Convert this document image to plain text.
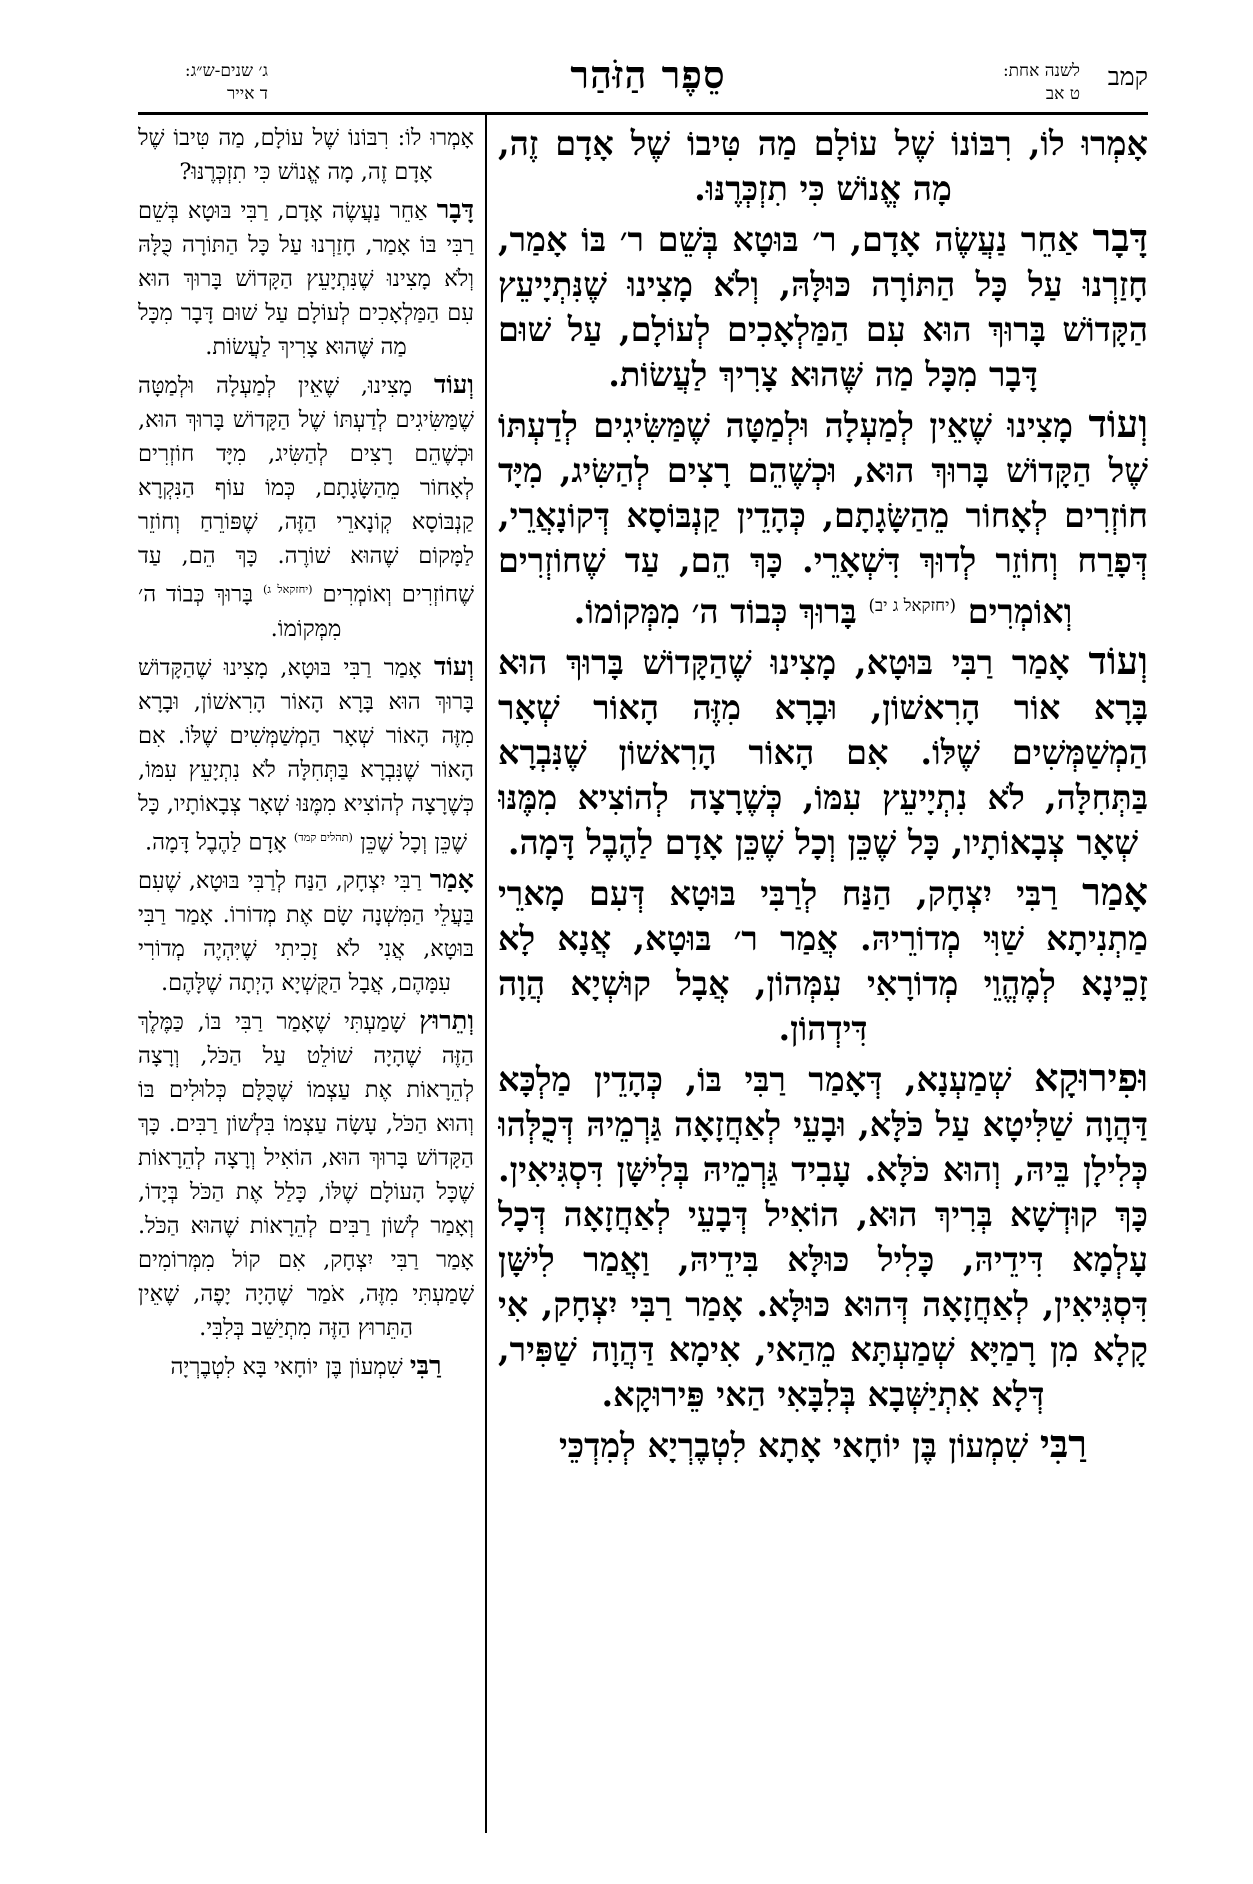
קמב
לשנה אחת:
ט אב
סֵפֶר הַזֹּהַר
ג׳ שנים-ש״ג:
ד אייר

אָמְרוּ לוֹ, רִבּוֹנוֹ שֶׁל עוֹלָם מַה טִּיבוֹ שֶׁל אָדָם זֶה, מָה אֱנוֹשׁ כִּי תִזְכְּרֶנּוּ.

דָּבָר אַחֵר נַעֲשֶׂה אָדָם, ר׳ בּוּטָא בְּשֵׁם ר׳ בּוֹ אָמַר, חָזַרְנוּ עַל כָּל הַתּוֹרָה כּוּלָּהּ, וְלֹא מָצִינוּ שֶׁנִּתְיָיעֵץ הַקָּדוֹשׁ בָּרוּךְ הוּא עִם הַמַּלְאָכִים לְעוֹלָם, עַל שׁוּם דָּבָר מִכָּל מַה שֶּׁהוּא צָרִיךְ לַעֲשׂוֹת.

וְעוֹד מָצִינוּ שֶׁאֵין לְמַעְלָה וּלְמַטָּה שֶׁמַּשִּׂיגִים לְדַעְתּוֹ שֶׁל הַקָּדוֹשׁ בָּרוּךְ הוּא, וּכְשֶׁהֵם רָצִים לְהַשִּׂיג, מִיָּד חוֹזְרִים לְאָחוֹר מֵהַשָּׂגָתָם, כְּהָדֵין קַנְבּוֹסָא דְּקוֹנָאֲרֵי, דְּפָרַח וְחוֹזֵר לְדוּךְ דִּשְׁאָרֵי. כָּךְ הֵם, עַד שֶׁחוֹזְרִים וְאוֹמְרִים $^{(יחזקאל ג יב)}$ בָּרוּךְ כְּבוֹד ה׳ מִמְּקוֹמוֹ.

וְעוֹד אָמַר רַבִּי בּוּטָא, מָצִינוּ שֶׁהַקָּדוֹשׁ בָּרוּךְ הוּא בָּרָא אוֹר הָרִאשׁוֹן, וּבָרָא מִזֶּה הָאוֹר שְׁאָר הַמְשַׁמְּשִׁים שֶׁלּוֹ. אִם הָאוֹר הָרִאשׁוֹן שֶׁנִּבְרָא בַּתְּחִלָּה, לֹא נִתְיָיעֵץ עִמּוֹ, כְּשֶׁרָצָה לְהוֹצִיא מִמֶּנּוּ שְׁאָר צְבָאוֹתָיו, כָּל שֶׁכֵּן וְכָל שֶׁכֵּן אָדָם לַהֶבֶל דָּמָה.

אָמַר רַבִּי יִצְחָק, הַנַּח לְרַבִּי בּוּטָא דְּעִם מָארֵי מַתְנִיתָא שַׁוִּי מְדוֹרֵיהּ. אֲמַר ר׳ בּוּטָא, אֲנָא לָא זָכֵינָא לְמֶהֱוֵי מְדוֹרָאִי עִמְּהוֹן, אֲבָל קוּשְׁיָא הֲוָה דִּידְהוֹן.

וּפִירוּקָא שְׁמַעְנָא, דְּאָמַר רַבִּי בּוֹ, כְּהָדֵין מַלְכָּא דַּהֲוָה שַׁלִּיטָא עַל כֹּלָּא, וּבָעֵי לְאַחֲזָאָה גַּרְמֵיהּ דְּכֻלְּהוּ כְּלִילָן בֵּיהּ, וְהוּא כֹּלָּא. עָבִיד גַּרְמֵיהּ בְּלִישָּׁן דִּסְגִּיאִין. כָּךְ קוּדְשָׁא בְּרִיךְ הוּא, הוֹאִיל דְּבָעֵי לְאַחֲזָאָה דְּכָל עָלְמָא דִּידֵיהּ, כָּלִיל כּוּלָּא בִּידֵיהּ, וַאֲמַר לִישָּׁן דִּסְגִּיאִין, לְאַחֲזָאָה דְּהוּא כּוּלָּא. אָמַר רַבִּי יִצְחָק, אִי קָלָא מִן רָמַיָּא שְׁמַעְתָּא מֵהַאי, אִימָא דַּהֲוָה שַׁפִּיר, דְּלָא אִתְיַשְּׁבָא בְּלִבָּאִי הַאי פֵּירוּקָא.

רַבִּי שִׁמְעוֹן בֶּן יוֹחָאי אָתָא לִטְבֶרְיָא לְמִדְכֵּי

אָמְרוּ לוֹ: רִבּוֹנוֹ שֶׁל עוֹלָם, מַה טִּיבוֹ שֶׁל אָדָם זֶה, מָה אֱנוֹשׁ כִּי תִזְכְּרֶנּוּ?

דָּבָר אַחֵר נַעֲשֶׂה אָדָם, רַבִּי בּוּטָא בְּשֵׁם רַבִּי בּוֹ אָמַר, חָזַרְנוּ עַל כָּל הַתּוֹרָה כֻּלָּהּ וְלֹא מָצִינוּ שֶׁנִּתְיָעֵץ הַקָּדוֹשׁ בָּרוּךְ הוּא עִם הַמַּלְאָכִים לְעוֹלָם עַל שׁוּם דָּבָר מִכָּל מַה שֶּׁהוּא צָרִיךְ לַעֲשׂוֹת.

וְעוֹד מָצִינוּ, שֶׁאֵין לְמַעְלָה וּלְמַטָּה שֶׁמַּשִּׂיגִים לְדַעְתּוֹ שֶׁל הַקָּדוֹשׁ בָּרוּךְ הוּא, וּכְשֶׁהֵם רָצִים לְהַשִּׂיג, מִיָּד חוֹזְרִים לְאָחוֹר מֵהַשָּׂגָתָם, כְּמוֹ עוֹף הַנִּקְרָא קַנְבּוֹסָא קְוֹנָארֵי הַזֶּה, שֶׁפּוֹרֵחַ וְחוֹזֵר לַמָּקוֹם שֶׁהוּא שׁוֹרֶה. כָּךְ הֵם, עַד שֶׁחוֹזְרִים וְאוֹמְרִים $^{(יחזקאל ג)}$ בָּרוּךְ כְּבוֹד ה׳ מִמְּקוֹמוֹ.

וְעוֹד אָמַר רַבִּי בּוּטָא, מָצִינוּ שֶׁהַקָּדוֹשׁ בָּרוּךְ הוּא בָּרָא הָאוֹר הָרִאשׁוֹן, וּבָרָא מִזֶּה הָאוֹר שְׁאָר הַמְשַׁמְּשִׁים שֶׁלּוֹ. אִם הָאוֹר שֶׁנִּבְרָא בַּתְּחִלָּה לֹא נִתְיָעֵץ עִמּוֹ, כְּשֶׁרָצָה לְהוֹצִיא מִמֶּנּוּ שְׁאָר צְבָאוֹתָיו, כָּל שֶׁכֵּן וְכָל שֶׁכֵּן $^{(תהלים קמד)}$ אָדָם לַהֶבֶל דָּמָה.

אָמַר רַבִּי יִצְחָק, הַנַּח לְרַבִּי בּוּטָא, שֶׁעִם בַּעֲלֵי הַמִּשְׁנָה שָׂם אֶת מְדוֹרוֹ. אָמַר רַבִּי בּוּטָא, אֲנִי לֹא זָכִיתִי שֶׁיִּהְיֶה מְדוֹרִי עִמָּהֶם, אֲבָל הַקֻּשְׁיָא הָיְתָה שֶׁלָּהֶם.

וְתֵרוּץ שָׁמַעְתִּי שֶׁאָמַר רַבִּי בּוֹ, כַּמֶּלֶךְ הַזֶּה שֶׁהָיָה שׁוֹלֵט עַל הַכֹּל, וְרָצָה לְהֵרָאוֹת אֶת עַצְמוֹ שֶׁכֻּלָּם כְּלוּלִים בּוֹ וְהוּא הַכֹּל, עָשָׂה עַצְמוֹ בִּלְשׁוֹן רַבִּים. כָּךְ הַקָּדוֹשׁ בָּרוּךְ הוּא, הוֹאִיל וְרָצָה לְהֵרָאוֹת שֶׁכָּל הָעוֹלָם שֶׁלּוֹ, כָּלַל אֶת הַכֹּל בְּיָדוֹ, וְאָמַר לְשׁוֹן רַבִּים לְהֵרָאוֹת שֶׁהוּא הַכֹּל. אָמַר רַבִּי יִצְחָק, אִם קוֹל מִמְּרוֹמִים שָׁמַעְתִּי מִזֶּה, אֹמַר שֶׁהָיָה יָפֶה, שֶׁאֵין הַתֵּרוּץ הַזֶּה מִתְיַשֵּׁב בְּלִבִּי.

רַבִּי שִׁמְעוֹן בֶּן יוֹחָאי בָּא לִטְבֶרְיָה
